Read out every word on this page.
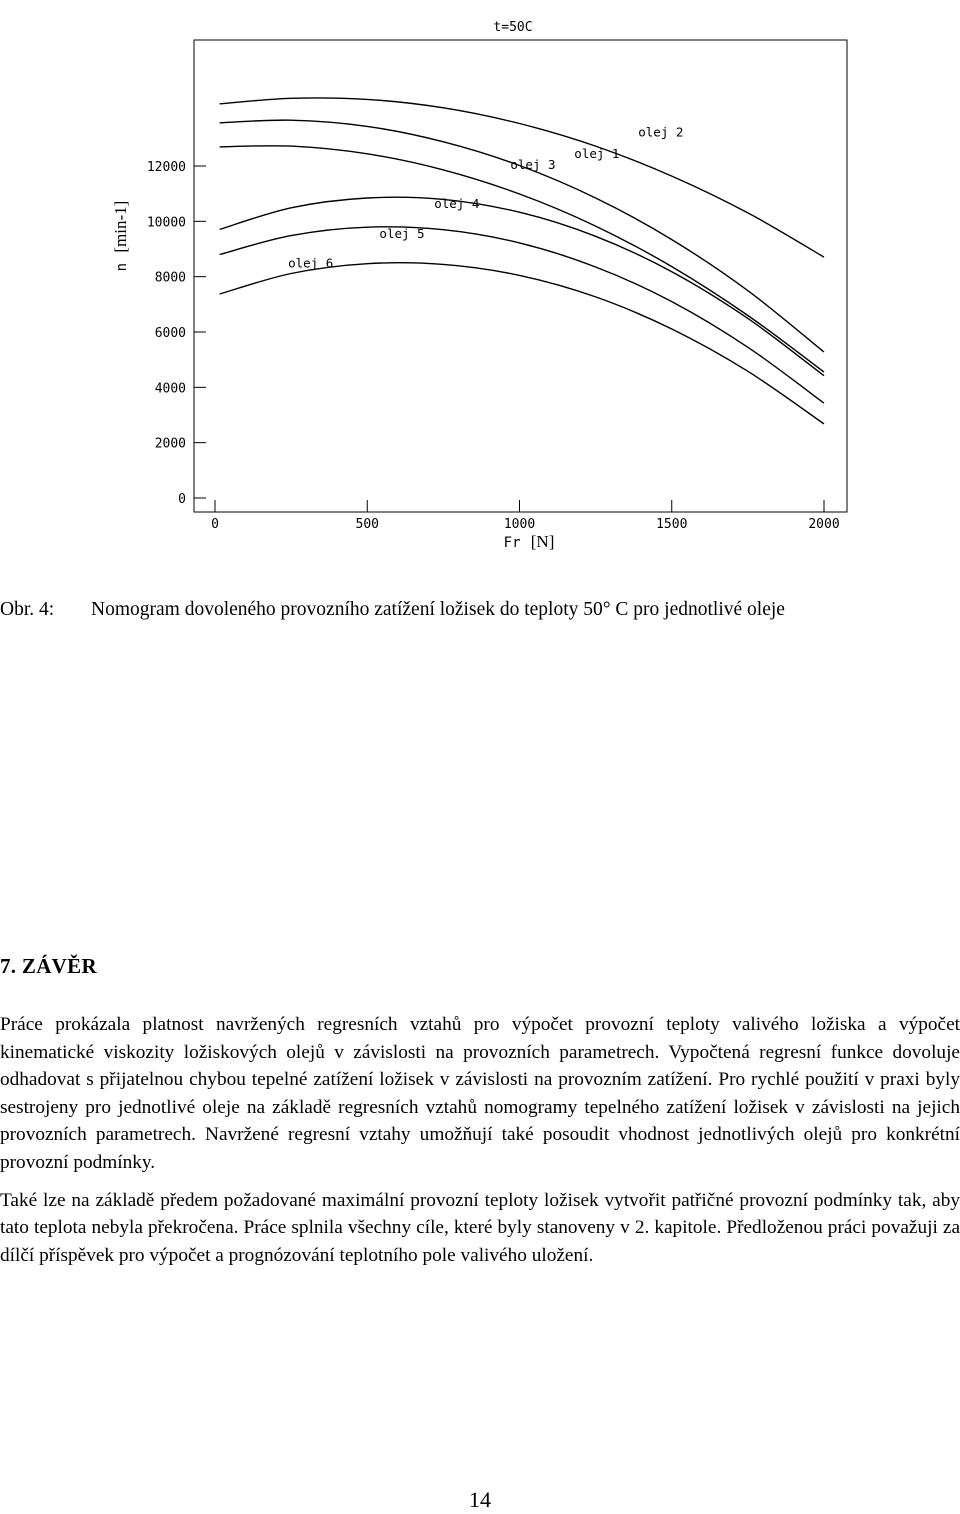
t=50C
n [min-1]
Fr [N]
0	500	1000	1500	2000
0
2000
4000
6000
8000
10000
12000
olej 1
olej 2
olej 3
olej 4
olej 5
olej 6
Obr. 4: Nomogram dovoleného provozního zatížení ložisek do teploty 50° C pro jednotlivé oleje
7. ZÁVĚR

Práce prokázala platnost navržených regresních vztahů pro výpočet provozní teploty valivého ložiska a výpočet kinematické viskozity ložiskových olejů v závislosti na provozních parametrech. Vypočtená regresní funkce dovoluje odhadovat s přijatelnou chybou tepelné zatížení ložisek v závislosti na provozním zatížení. Pro rychlé použití v praxi byly sestrojeny pro jednotlivé oleje na základě regresních vztahů nomogramy tepelného zatížení ložisek v závislosti na jejich provozních parametrech. Navržené regresní vztahy umožňují také posoudit vhodnost jednotlivých olejů pro konkrétní provozní podmínky.

Také lze na základě předem požadované maximální provozní teploty ložisek vytvořit patřičné provozní podmínky tak, aby tato teplota nebyla překročena. Práce splnila všechny cíle, které byly stanoveny v 2. kapitole. Předloženou práci považuji za dílčí příspěvek pro výpočet a prognózování teplotního pole valivého uložení.

14
